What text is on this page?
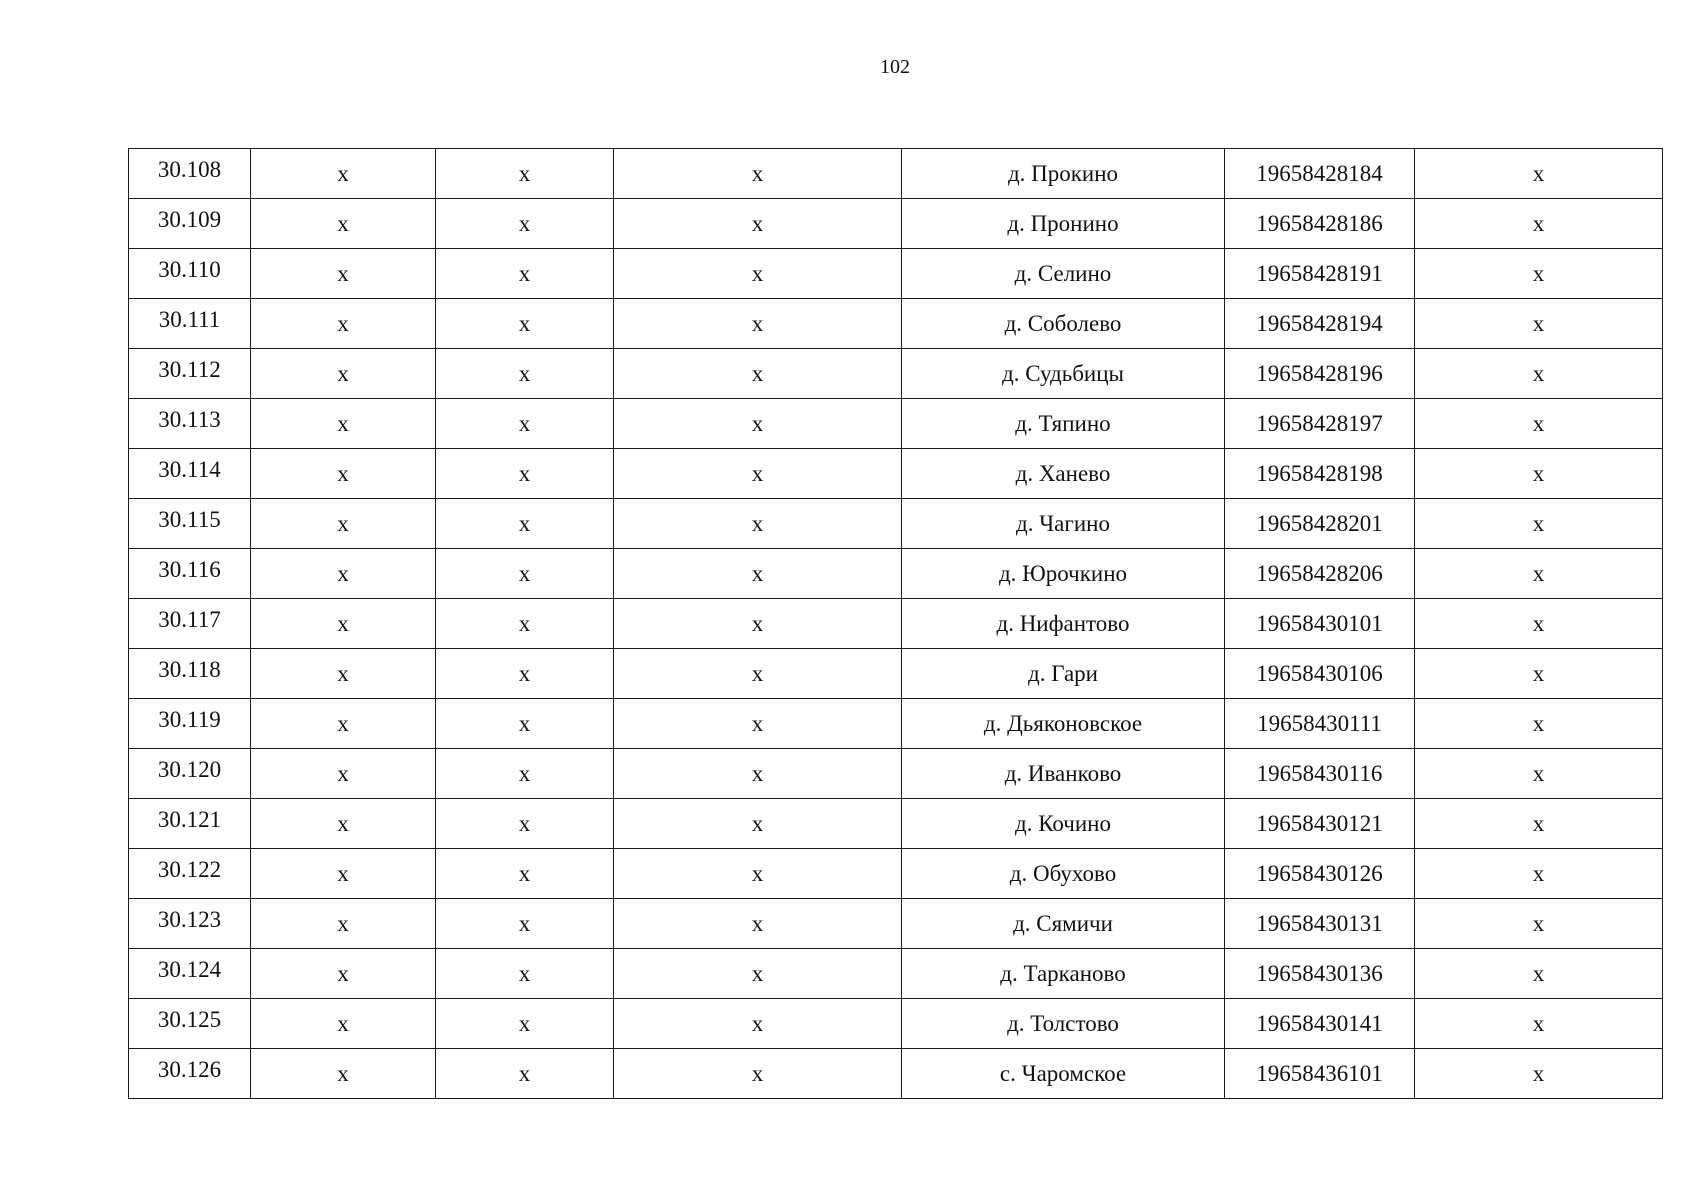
102
30.108	x	x	x	д. Прокино	19658428184	x
30.109	x	x	x	д. Пронино	19658428186	x
30.110	x	x	x	д. Селино	19658428191	x
30.111	x	x	x	д. Соболево	19658428194	x
30.112	x	x	x	д. Судьбицы	19658428196	x
30.113	x	x	x	д. Тяпино	19658428197	x
30.114	x	x	x	д. Ханево	19658428198	x
30.115	x	x	x	д. Чагино	19658428201	x
30.116	x	x	x	д. Юрочкино	19658428206	x
30.117	x	x	x	д. Нифантово	19658430101	x
30.118	x	x	x	д. Гари	19658430106	x
30.119	x	x	x	д. Дьяконовское	19658430111	x
30.120	x	x	x	д. Иванково	19658430116	x
30.121	x	x	x	д. Кочино	19658430121	x
30.122	x	x	x	д. Обухово	19658430126	x
30.123	x	x	x	д. Сямичи	19658430131	x
30.124	x	x	x	д. Тарканово	19658430136	x
30.125	x	x	x	д. Толстово	19658430141	x
30.126	x	x	x	с. Чаромское	19658436101	x
